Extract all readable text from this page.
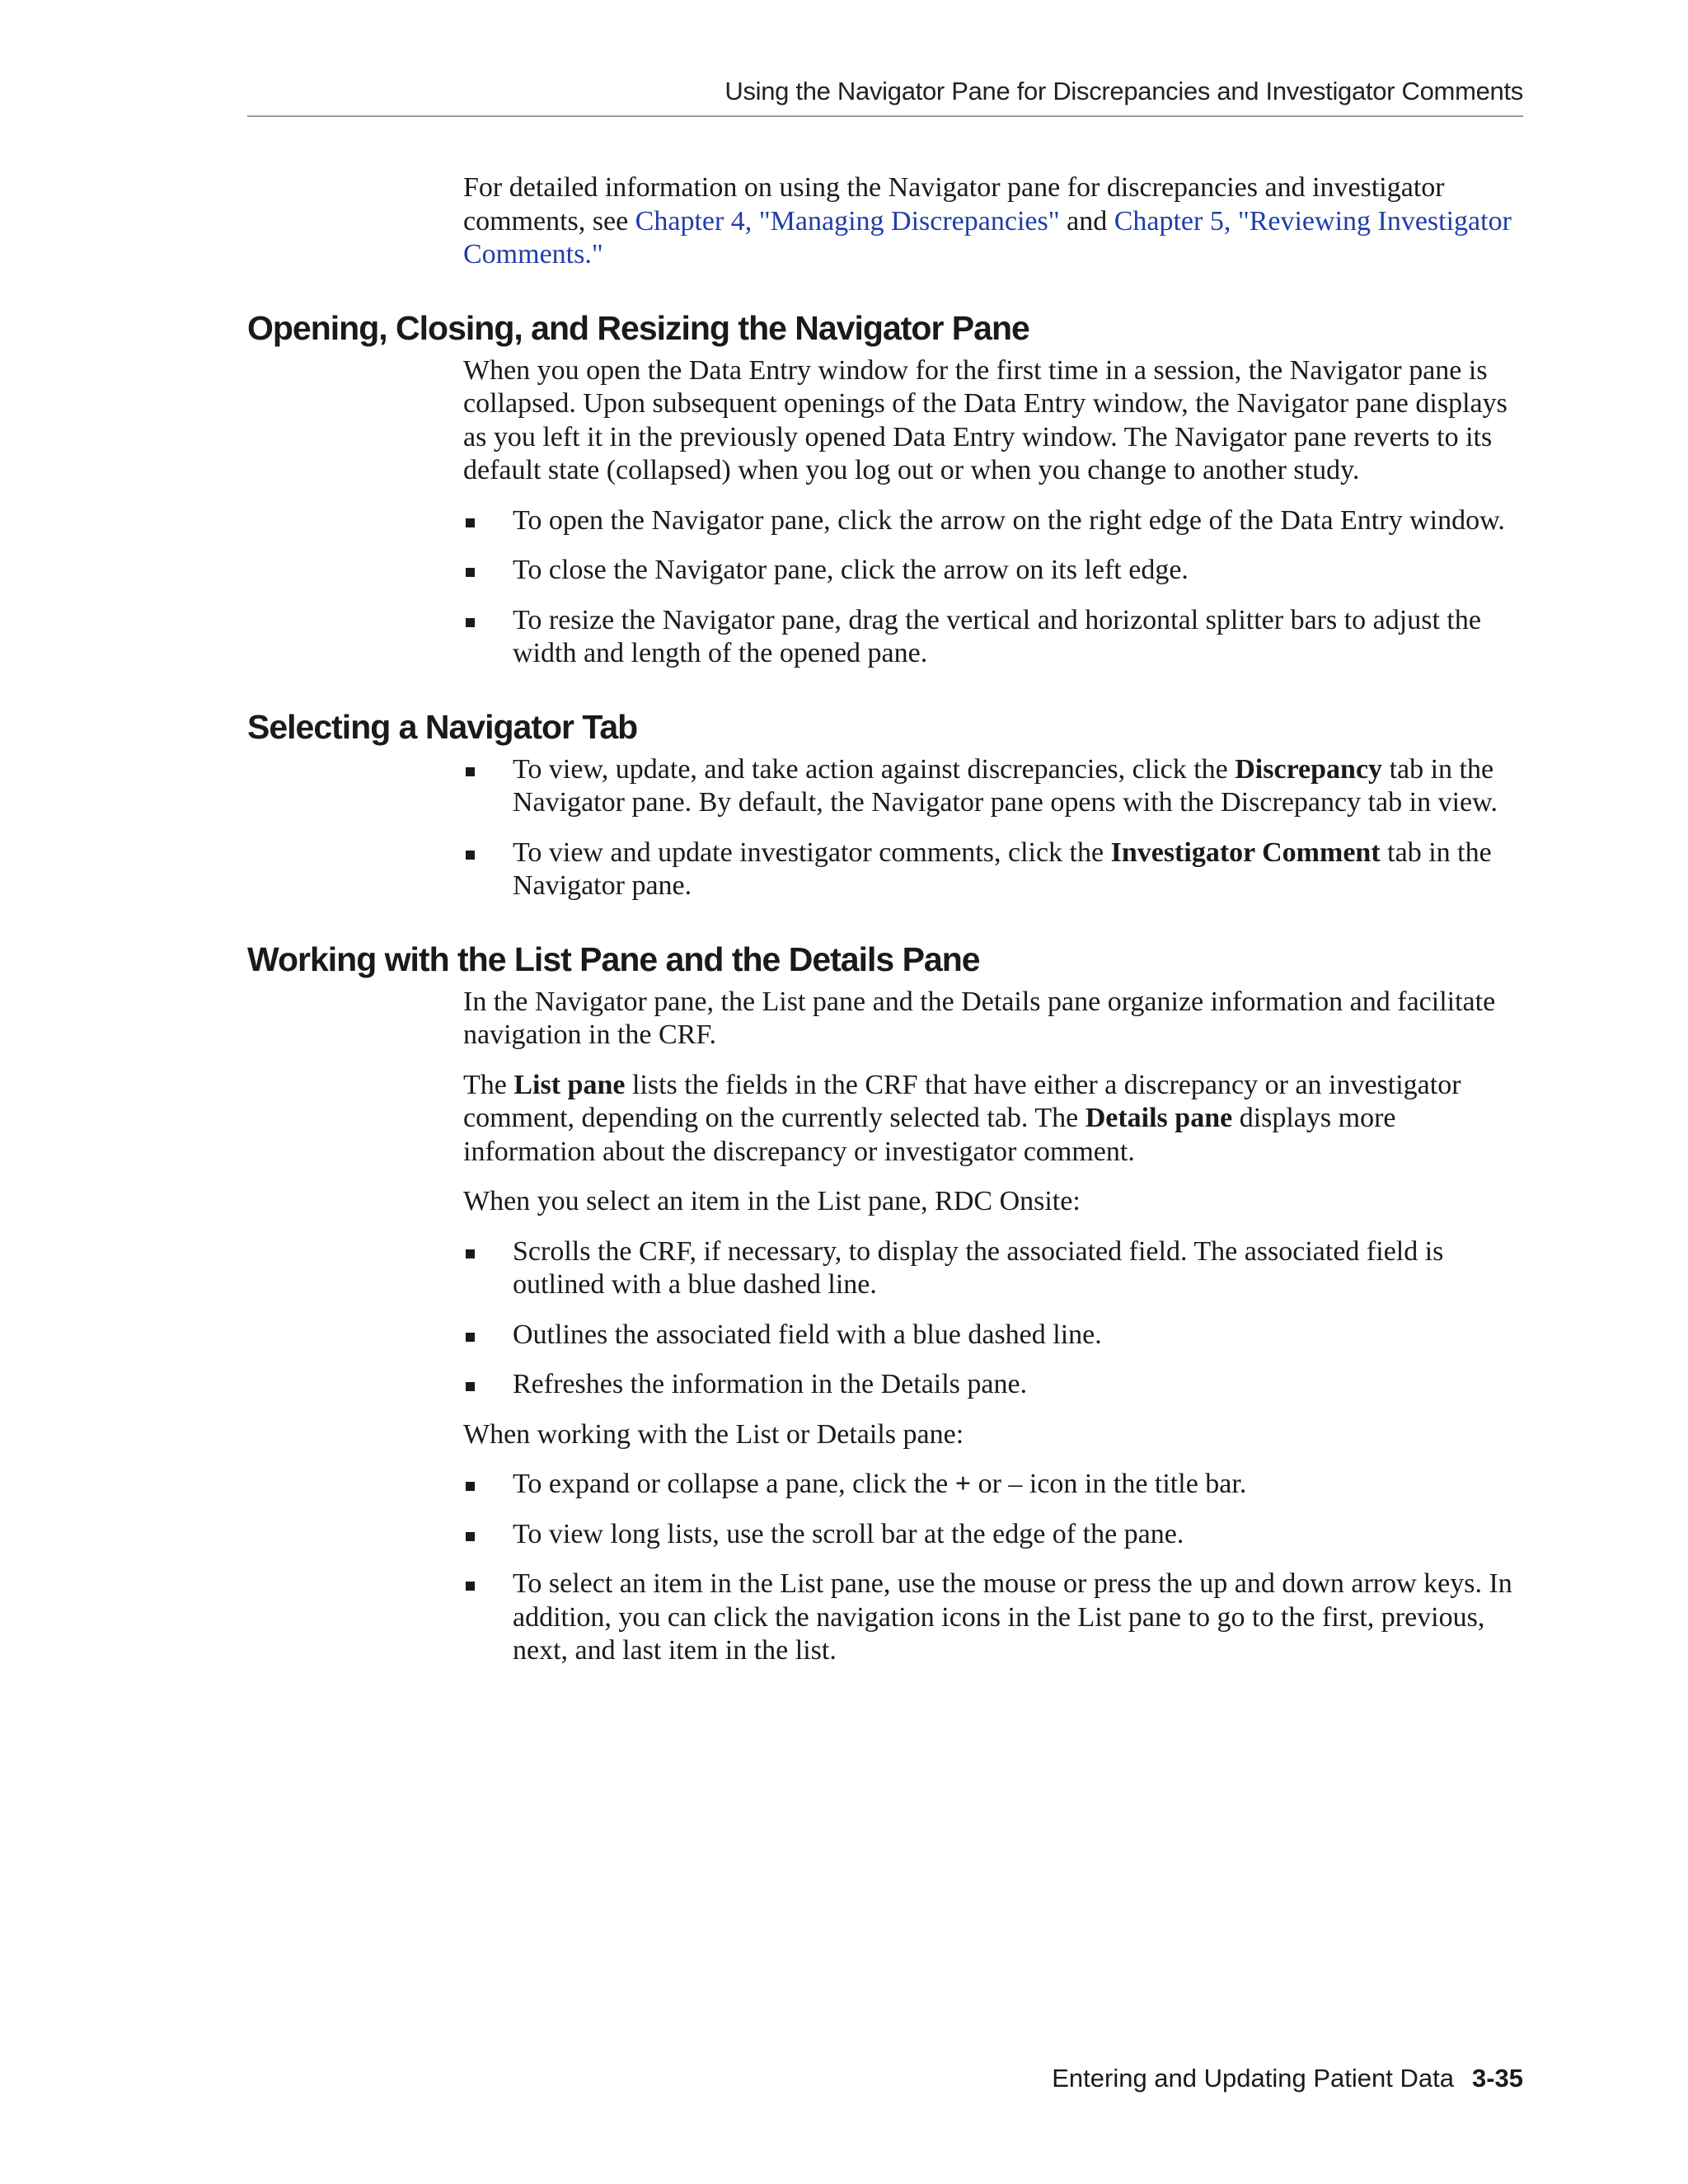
Using the Navigator Pane for Discrepancies and Investigator Comments

For detailed information on using the Navigator pane for discrepancies and investigator comments, see Chapter 4, "Managing Discrepancies" and Chapter 5, "Reviewing Investigator Comments."

Opening, Closing, and Resizing the Navigator Pane

When you open the Data Entry window for the first time in a session, the Navigator pane is collapsed. Upon subsequent openings of the Data Entry window, the Navigator pane displays as you left it in the previously opened Data Entry window. The Navigator pane reverts to its default state (collapsed) when you log out or when you change to another study.

To open the Navigator pane, click the arrow on the right edge of the Data Entry window.
To close the Navigator pane, click the arrow on its left edge.
To resize the Navigator pane, drag the vertical and horizontal splitter bars to adjust the width and length of the opened pane.
Selecting a Navigator Tab
To view, update, and take action against discrepancies, click the Discrepancy tab in the Navigator pane. By default, the Navigator pane opens with the Discrepancy tab in view.
To view and update investigator comments, click the Investigator Comment tab in the Navigator pane.
Working with the List Pane and the Details Pane

In the Navigator pane, the List pane and the Details pane organize information and facilitate navigation in the CRF.

The List pane lists the fields in the CRF that have either a discrepancy or an investigator comment, depending on the currently selected tab. The Details pane displays more information about the discrepancy or investigator comment.

When you select an item in the List pane, RDC Onsite:

Scrolls the CRF, if necessary, to display the associated field. The associated field is outlined with a blue dashed line.
Outlines the associated field with a blue dashed line.
Refreshes the information in the Details pane.

When working with the List or Details pane:

To expand or collapse a pane, click the + or – icon in the title bar.
To view long lists, use the scroll bar at the edge of the pane.
To select an item in the List pane, use the mouse or press the up and down arrow keys. In addition, you can click the navigation icons in the List pane to go to the first, previous, next, and last item in the list.
Entering and Updating Patient Data 3-35
